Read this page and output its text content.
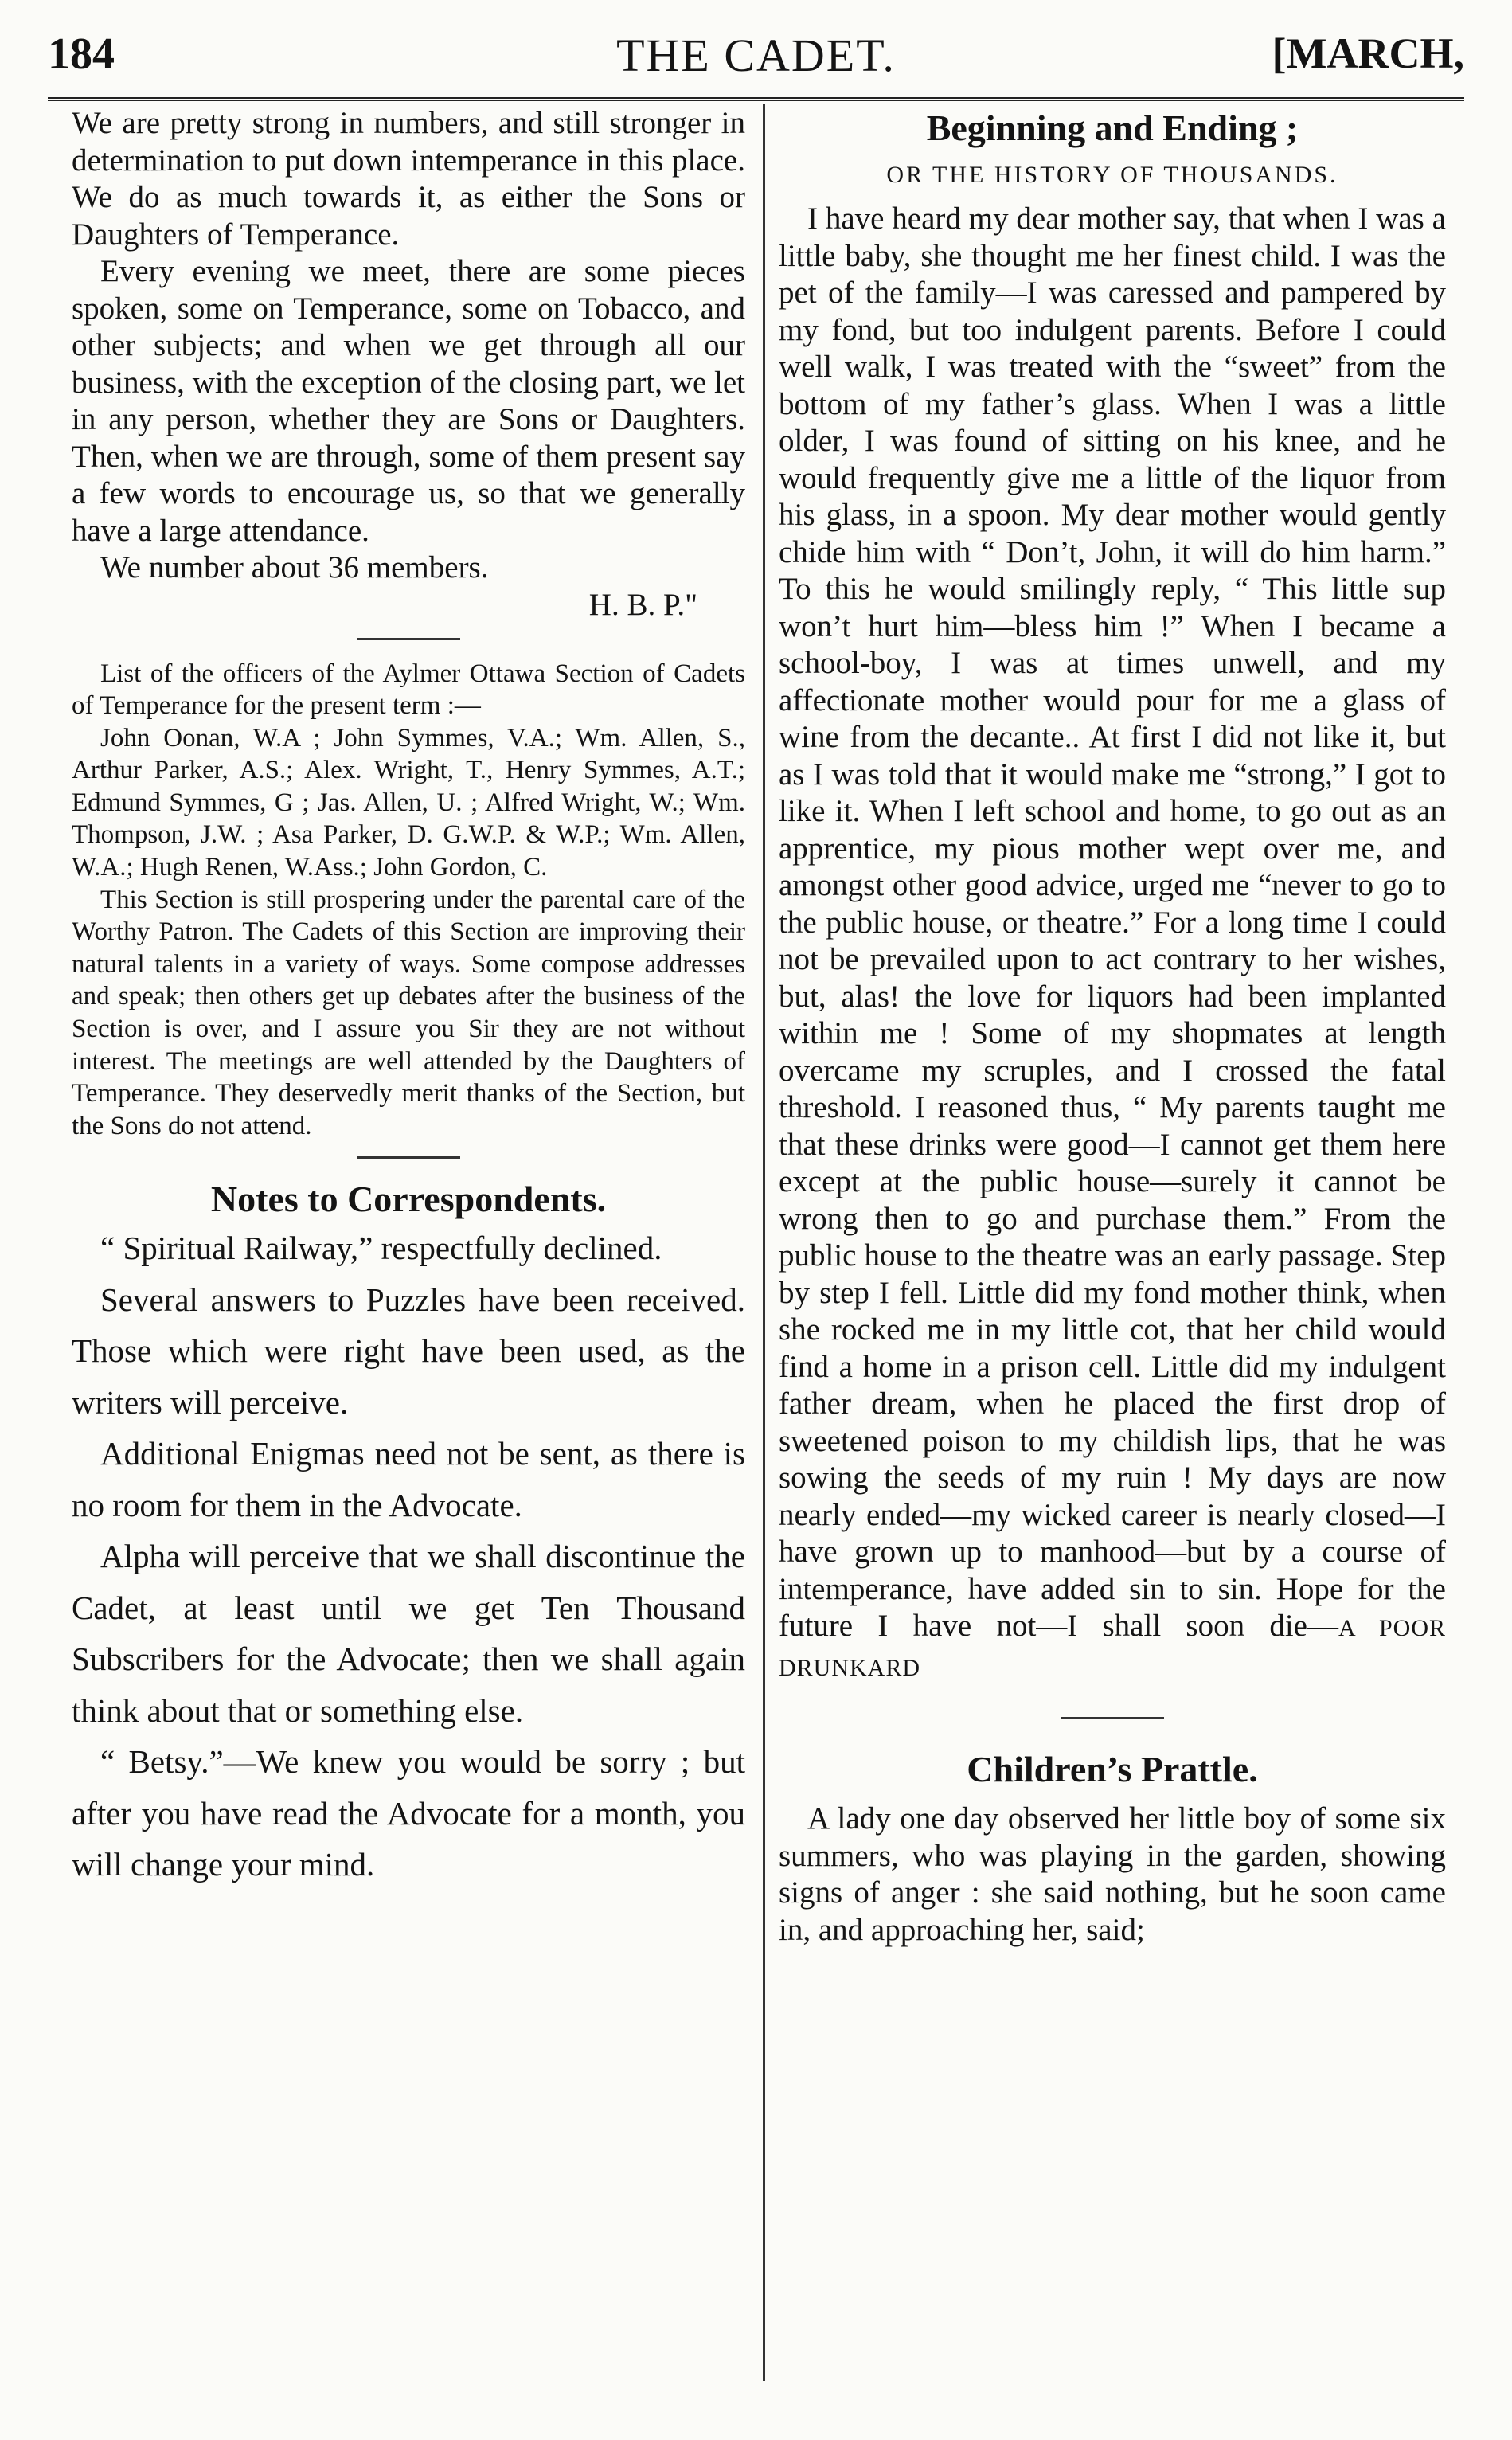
184	THE CADET.	[MARCH,

We are pretty strong in numbers, and still stronger in determination to put down intemperance in this place. We do as much towards it, as either the Sons or Daughters of Temperance.

Every evening we meet, there are some pieces spoken, some on Temperance, some on Tobacco, and other subjects; and when we get through all our business, with the exception of the closing part, we let in any person, whether they are Sons or Daughters. Then, when we are through, some of them present say a few words to encourage us, so that we generally have a large attendance.

We number about 36 members.

H. B. P."

List of the officers of the Aylmer Ottawa Section of Cadets of Temperance for the present term :—

John Oonan, W.A ; John Symmes, V.A.; Wm. Allen, S., Arthur Parker, A.S.; Alex. Wright, T., Henry Symmes, A.T.; Edmund Symmes, G ; Jas. Allen, U. ; Alfred Wright, W.; Wm. Thompson, J.W. ; Asa Parker, D. G.W.P. & W.P.; Wm. Allen, W.A.; Hugh Renen, W.Ass.; John Gordon, C.

This Section is still prospering under the parental care of the Worthy Patron. The Cadets of this Section are improving their natural talents in a variety of ways. Some compose addresses and speak; then others get up debates after the business of the Section is over, and I assure you Sir they are not without interest. The meetings are well attended by the Daughters of Temperance. They deservedly merit thanks of the Section, but the Sons do not attend.

Notes to Correspondents.

“ Spiritual Railway,” respectfully declined.

Several answers to Puzzles have been received. Those which were right have been used, as the writers will perceive.

Additional Enigmas need not be sent, as there is no room for them in the Advocate.

Alpha will perceive that we shall discontinue the Cadet, at least until we get Ten Thousand Subscribers for the Advocate; then we shall again think about that or something else.

“ Betsy.”—We knew you would be sorry ; but after you have read the Advocate for a month, you will change your mind.

Beginning and Ending ;

OR THE HISTORY OF THOUSANDS.

I have heard my dear mother say, that when I was a little baby, she thought me her finest child. I was the pet of the family—I was caressed and pampered by my fond, but too indulgent parents. Before I could well walk, I was treated with the “sweet” from the bottom of my father’s glass. When I was a little older, I was found of sitting on his knee, and he would frequently give me a little of the liquor from his glass, in a spoon. My dear mother would gently chide him with “ Don’t, John, it will do him harm.” To this he would smilingly reply, “ This little sup won’t hurt him—bless him !” When I became a school-boy, I was at times unwell, and my affectionate mother would pour for me a glass of wine from the decante.. At first I did not like it, but as I was told that it would make me “strong,” I got to like it. When I left school and home, to go out as an apprentice, my pious mother wept over me, and amongst other good advice, urged me “never to go to the public house, or theatre.” For a long time I could not be prevailed upon to act contrary to her wishes, but, alas! the love for liquors had been implanted within me ! Some of my shopmates at length overcame my scruples, and I crossed the fatal threshold. I reasoned thus, “ My parents taught me that these drinks were good—I cannot get them here except at the public house—surely it cannot be wrong then to go and purchase them.” From the public house to the theatre was an early passage. Step by step I fell. Little did my fond mother think, when she rocked me in my little cot, that her child would find a home in a prison cell. Little did my indulgent father dream, when he placed the first drop of sweetened poison to my childish lips, that he was sowing the seeds of my ruin ! My days are now nearly ended—my wicked career is nearly closed—I have grown up to manhood—but by a course of intemperance, have added sin to sin. Hope for the future I have not—I shall soon die—A POOR DRUNKARD

Children’s Prattle.

A lady one day observed her little boy of some six summers, who was playing in the garden, showing signs of anger : she said nothing, but he soon came in, and approaching her, said;
